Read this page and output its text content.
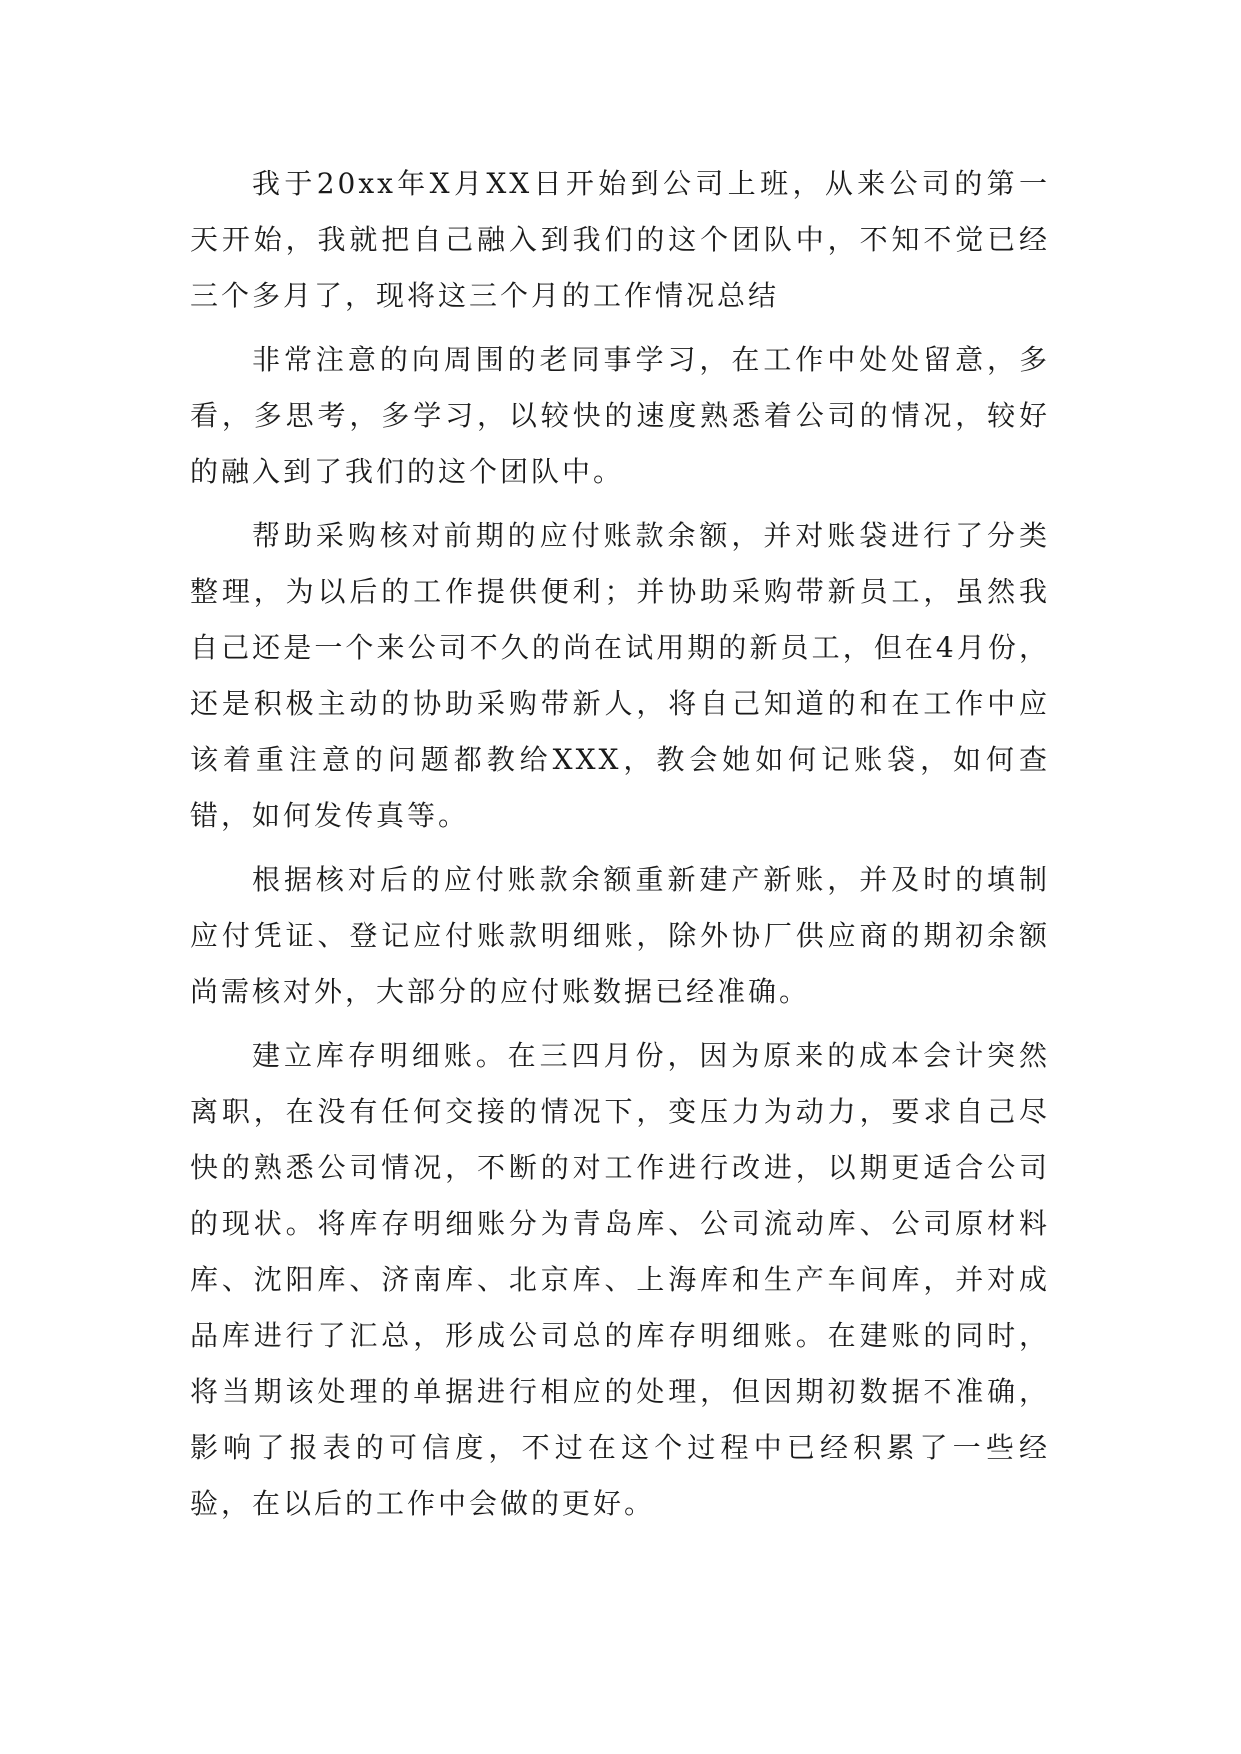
我于20xx年X月XX日开始到公司上班，从来公司的第一天开始，我就把自己融入到我们的这个团队中，不知不觉已经三个多月了，现将这三个月的工作情况总结

非常注意的向周围的老同事学习，在工作中处处留意，多看，多思考，多学习，以较快的速度熟悉着公司的情况，较好的融入到了我们的这个团队中。

帮助采购核对前期的应付账款余额，并对账袋进行了分类整理，为以后的工作提供便利；并协助采购带新员工，虽然我自己还是一个来公司不久的尚在试用期的新员工，但在4月份，还是积极主动的协助采购带新人，将自己知道的和在工作中应该着重注意的问题都教给XXX，教会她如何记账袋，如何查错，如何发传真等。

根据核对后的应付账款余额重新建产新账，并及时的填制应付凭证、登记应付账款明细账，除外协厂供应商的期初余额尚需核对外，大部分的应付账数据已经准确。

建立库存明细账。在三四月份，因为原来的成本会计突然离职，在没有任何交接的情况下，变压力为动力，要求自己尽快的熟悉公司情况，不断的对工作进行改进，以期更适合公司的现状。将库存明细账分为青岛库、公司流动库、公司原材料库、沈阳库、济南库、北京库、上海库和生产车间库，并对成品库进行了汇总，形成公司总的库存明细账。在建账的同时，将当期该处理的单据进行相应的处理，但因期初数据不准确，影响了报表的可信度，不过在这个过程中已经积累了一些经验，在以后的工作中会做的更好。
